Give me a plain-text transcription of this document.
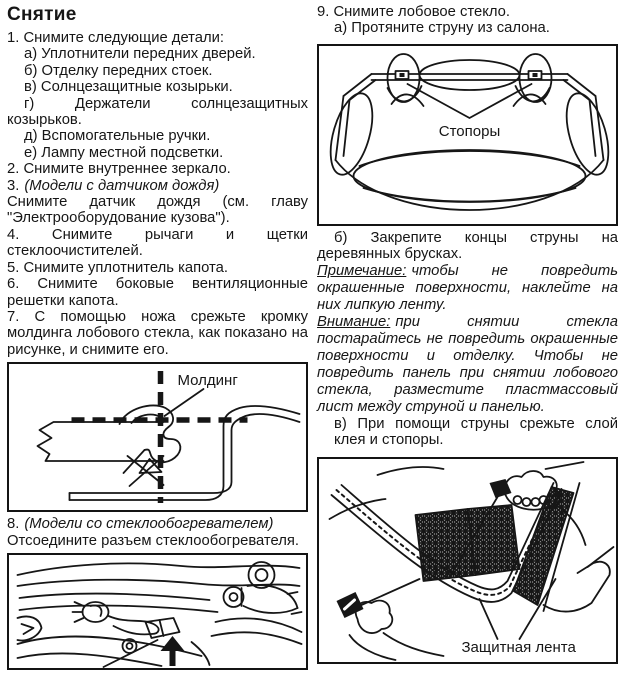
Снятие

1. Снимите следующие детали:

а) Уплотнители передних дверей.

б) Отделку передних стоек.

в) Солнцезащитные козырьки.

г) Держатели солнцезащитных козырьков.

д) Вспомогательные ручки.

е) Лампу местной подсветки.

2. Снимите внутреннее зеркало.

3. (Модели с датчиком дождя)

Снимите датчик дождя (см. главу "Электрооборудование кузова").

4. Снимите рычаги и щетки стеклоочистителей.

5. Снимите уплотнитель капота.

6. Снимите боковые вентиляционные решетки капота.

7. С помощью ножа срежьте кромку молдинга лобового стекла, как показано на рисунке, и снимите его.

Молдинг

8. (Модели со стеклообогревателем)

Отсоедините разъем стеклообогревателя.

9. Снимите лобовое стекло.

а) Протяните струну из салона.

Стопоры

б) Закрепите концы струны на деревянных брусках.

Примечание: чтобы не повредить окрашенные поверхности, наклейте на них липкую ленту.

Внимание: при снятии стекла постарайтесь не повредить окрашенные поверхности и отделку. Чтобы не повредить панель при снятии лобового стекла, разместите пластмассовый лист между струной и панелью.

в) При помощи струны срежьте слой клея и стопоры.

Защитная лента
